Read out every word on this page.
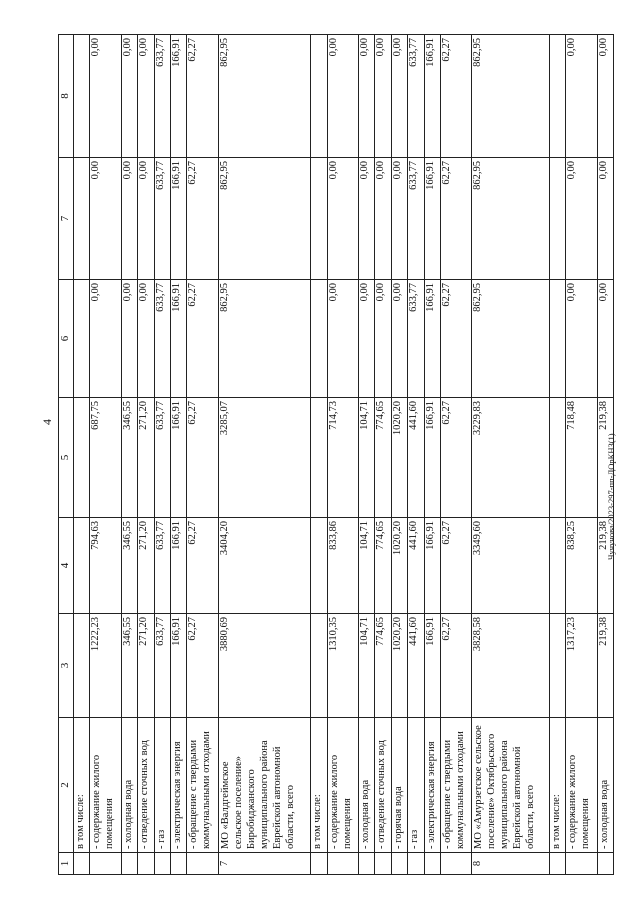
4
Чучунова/2023-297-пп-ДОрКНЗ(1)
1	2	3	4	5	6	7	8
	в том числе:						
	- содержание жилого помещения	1222,23	794,63	687,75	0,00	0,00	0,00
	- холодная вода	346,55	346,55	346,55	0,00	0,00	0,00
	- отведение сточных вод	271,20	271,20	271,20	0,00	0,00	0,00
	- газ	633,77	633,77	633,77	633,77	633,77	633,77
	- электрическая энергия	166,91	166,91	166,91	166,91	166,91	166,91
	- обращение с твердыми коммунальными отходами	62,27	62,27	62,27	62,27	62,27	62,27
7	МО «Валдгеймское сельское поселение» Биробиджанского муниципального района Еврейской автономной области, всего	3880,69	3404,20	3285,07	862,95	862,95	862,95
	в том числе:						
	- содержание жилого помещения	1310,35	833,86	714,73	0,00	0,00	0,00
	- холодная вода	104,71	104,71	104,71	0,00	0,00	0,00
	- отведение сточных вод	774,65	774,65	774,65	0,00	0,00	0,00
	- горячая вода	1020,20	1020,20	1020,20	0,00	0,00	0,00
	- газ	441,60	441,60	441,60	633,77	633,77	633,77
	- электрическая энергия	166,91	166,91	166,91	166,91	166,91	166,91
	- обращение с твердыми коммунальными отходами	62,27	62,27	62,27	62,27	62,27	62,27
8	МО «Амурзетское сельское поселение» Октябрьского муниципального района Еврейской автономной области, всего	3828,58	3349,60	3229,83	862,95	862,95	862,95
	в том числе:						
	- содержание жилого помещения	1317,23	838,25	718,48	0,00	0,00	0,00
	- холодная вода	219,38	219,38	219,38	0,00	0,00	0,00
